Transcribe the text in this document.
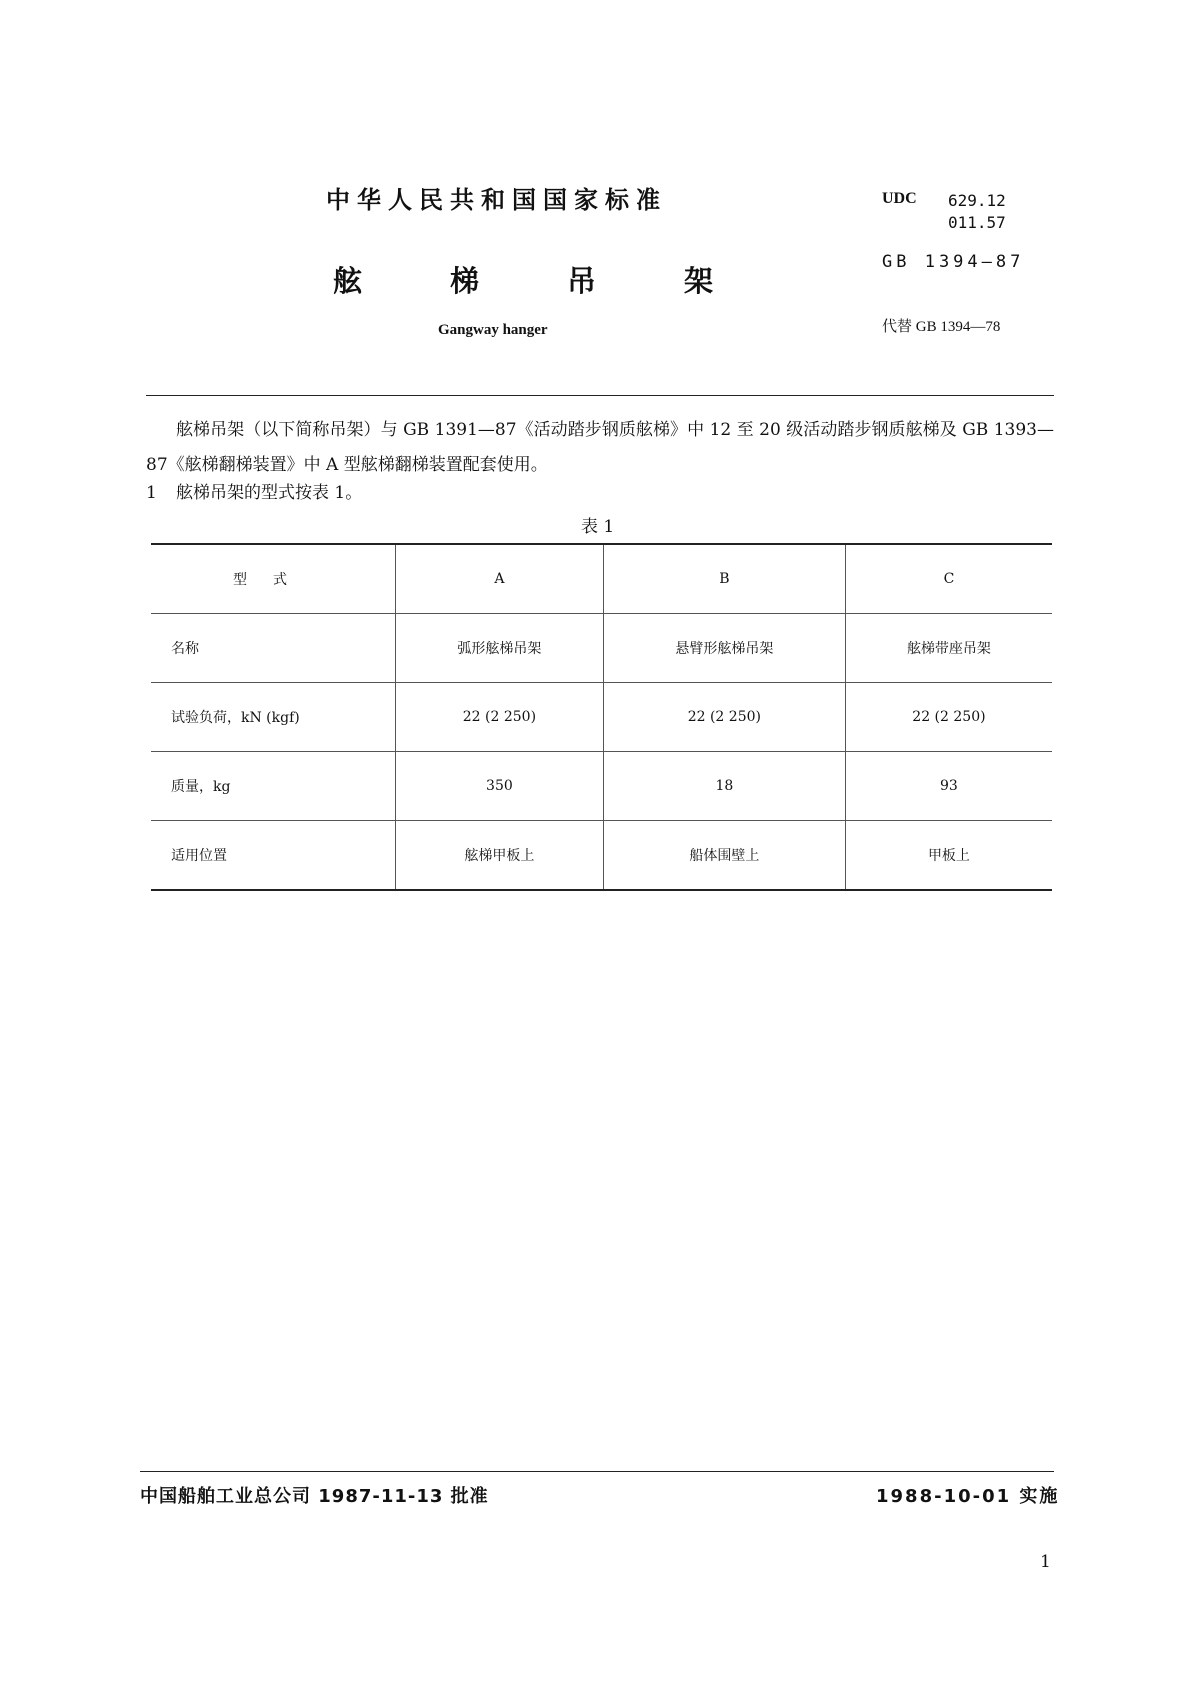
中华人民共和国国家标准
舷	梯	吊	架
Gangway hanger
UDC 629.12
011.57
GB 1394—87
代替 GB 1394—78
舷梯吊架（以下简称吊架）与 GB 1391—87《活动踏步钢质舷梯》中 12 至 20 级活动踏步钢质舷梯及 GB 1393—87《舷梯翻梯装置》中 A 型舷梯翻梯装置配套使用。
1 舷梯吊架的型式按表 1。
表 1
型式	A	B	C
名称	弧形舷梯吊架	悬臂形舷梯吊架	舷梯带座吊架
试验负荷，kN (kgf)	22 (2 250)	22 (2 250)	22 (2 250)
质量，kg	350	18	93
适用位置	舷梯甲板上	船体围壁上	甲板上
中国船舶工业总公司 1987-11-13 批准	1988-10-01 实施
1
